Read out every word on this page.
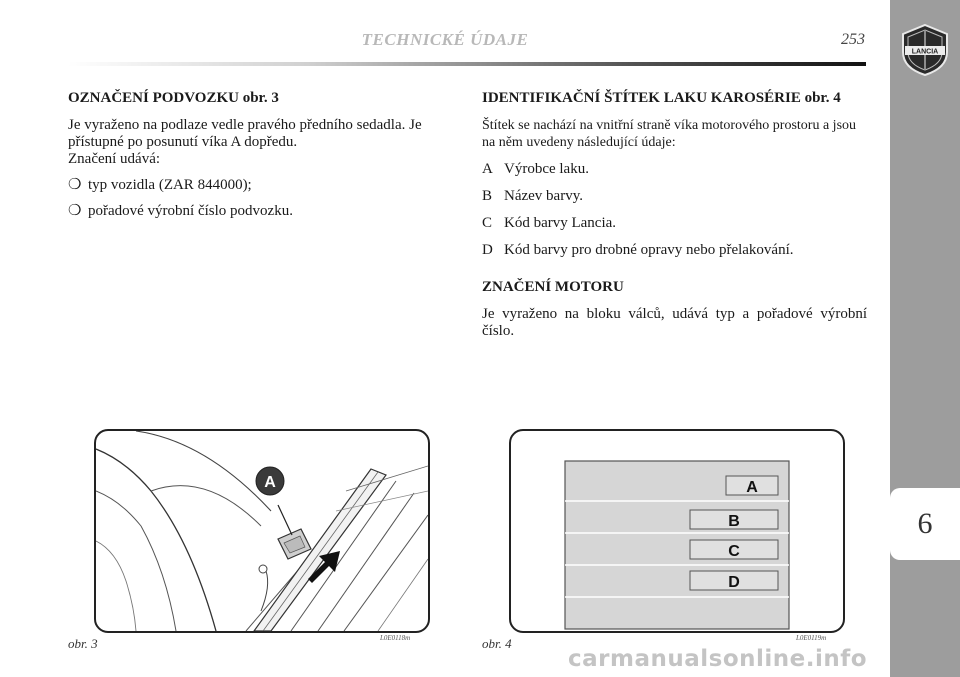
TECHNICKÉ ÚDAJE	253
LANCIA
6

OZNAČENÍ PODVOZKU obr. 3

Je vyraženo na podlaze vedle pravého předního sedadla. Je přístupné po posunutí víka A dopředu.

Značení udává:

❍ typ vozidla (ZAR 844000);
❍ pořadové výrobní číslo podvozku.

IDENTIFIKAČNÍ ŠTÍTEK LAKU KAROSÉRIE obr. 4

Štítek se nachází na vnitřní straně víka motorového prostoru a jsou na něm uvedeny následující údaje:

A Výrobce laku.
B Název barvy.
C Kód barvy Lancia.
D Kód barvy pro drobné opravy nebo přelakování.

ZNAČENÍ MOTORU

Je vyraženo na bloku válců, udává typ a pořadové výrobní číslo.

A
obr. 3	L0E0118m
A
B
C
D
obr. 4	L0E0119m
carmanualsonline.info
